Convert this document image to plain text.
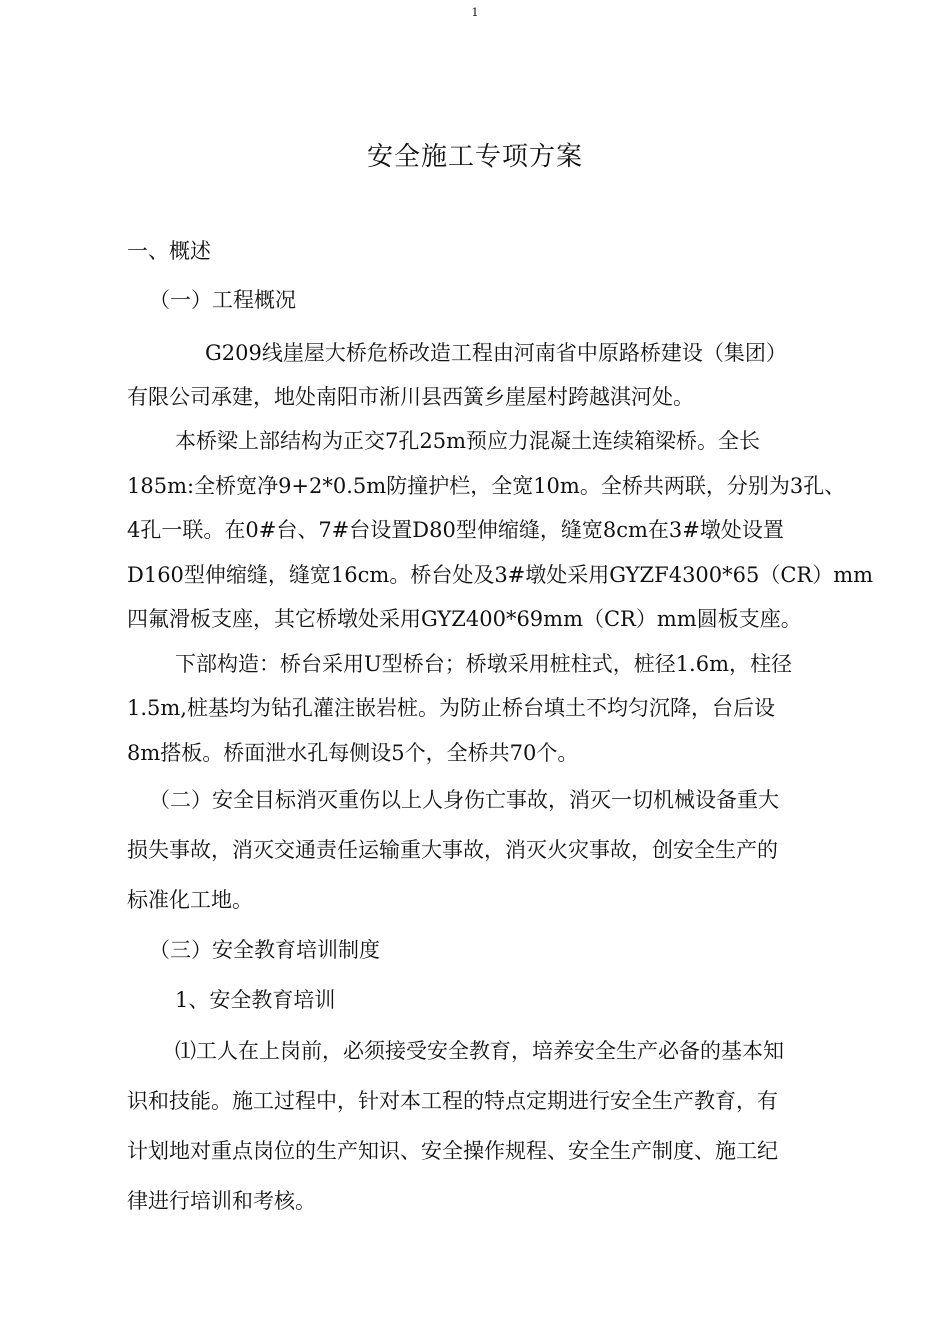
1
安全施工专项方案
一、概述
（一）工程概况
G209线崖屋大桥危桥改造工程由河南省中原路桥建设（集团）
有限公司承建，地处南阳市淅川县西簧乡崖屋村跨越淇河处。
本桥梁上部结构为正交7孔25m预应力混凝土连续箱梁桥。全长
185m:全桥宽净9+2*0.5m防撞护栏，全宽10m。全桥共两联，分别为3孔、
4孔一联。在0#台、7#台设置D80型伸缩缝，缝宽8cm在3#墩处设置
D160型伸缩缝，缝宽16cm。桥台处及3#墩处采用GYZF4300*65（CR）mm
四氟滑板支座，其它桥墩处采用GYZ400*69mm（CR）mm圆板支座。
下部构造：桥台采用U型桥台；桥墩采用桩柱式，桩径1.6m，柱径
1.5m,桩基均为钻孔灌注嵌岩桩。为防止桥台填土不均匀沉降，台后设
8m搭板。桥面泄水孔每侧设5个，全桥共70个。
（二）安全目标消灭重伤以上人身伤亡事故，消灭一切机械设备重大
损失事故，消灭交通责任运输重大事故，消灭火灾事故，创安全生产的
标准化工地。
（三）安全教育培训制度
1、安全教育培训
⑴工人在上岗前，必须接受安全教育，培养安全生产必备的基本知
识和技能。施工过程中，针对本工程的特点定期进行安全生产教育，有
计划地对重点岗位的生产知识、安全操作规程、安全生产制度、施工纪
律进行培训和考核。
